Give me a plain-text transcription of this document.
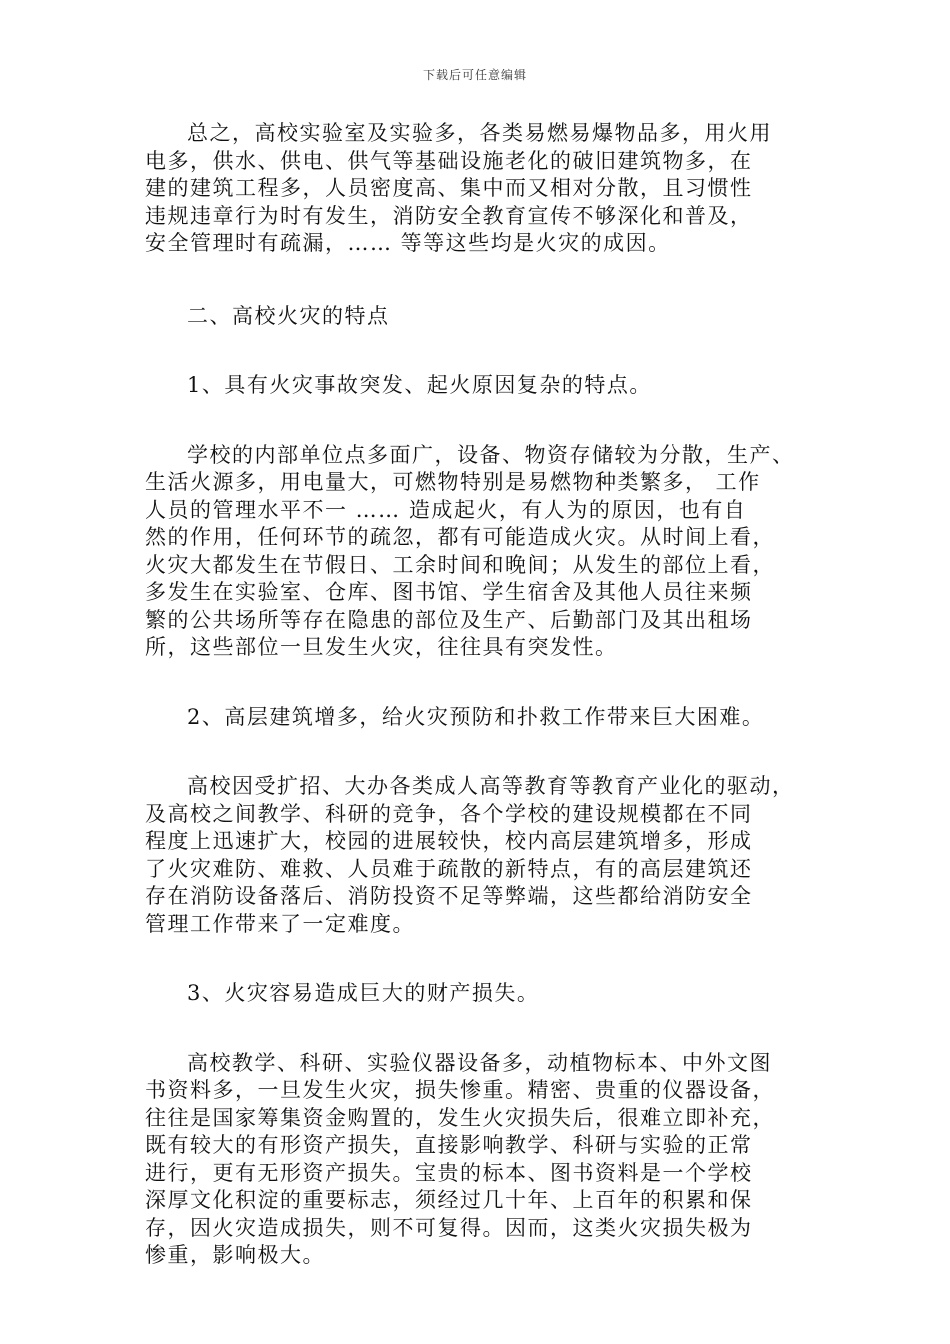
下载后可任意编辑

总之，高校实验室及实验多，各类易燃易爆物品多，用火用
电多，供水、供电、供气等基础设施老化的破旧建筑物多，在
建的建筑工程多，人员密度高、集中而又相对分散，且习惯性
违规违章行为时有发生，消防安全教育宣传不够深化和普及，
安全管理时有疏漏，…… 等等这些均是火灾的成因。

二、高校火灾的特点
1、具有火灾事故突发、起火原因复杂的特点。

学校的内部单位点多面广，设备、物资存储较为分散，生产、
生活火源多，用电量大，可燃物特别是易燃物种类繁多， 工作
人员的管理水平不一 …… 造成起火，有人为的原因，也有自
然的作用，任何环节的疏忽，都有可能造成火灾。从时间上看，
火灾大都发生在节假日、工余时间和晚间；从发生的部位上看，
多发生在实验室、仓库、图书馆、学生宿舍及其他人员往来频
繁的公共场所等存在隐患的部位及生产、后勤部门及其出租场
所，这些部位一旦发生火灾，往往具有突发性。

2、高层建筑增多，给火灾预防和扑救工作带来巨大困难。

高校因受扩招、大办各类成人高等教育等教育产业化的驱动，
及高校之间教学、科研的竞争，各个学校的建设规模都在不同
程度上迅速扩大，校园的进展较快，校内高层建筑增多，形成
了火灾难防、难救、人员难于疏散的新特点，有的高层建筑还
存在消防设备落后、消防投资不足等弊端，这些都给消防安全
管理工作带来了一定难度。

3、火灾容易造成巨大的财产损失。

高校教学、科研、实验仪器设备多，动植物标本、中外文图
书资料多，一旦发生火灾，损失惨重。精密、贵重的仪器设备，
往往是国家筹集资金购置的，发生火灾损失后，很难立即补充，
既有较大的有形资产损失，直接影响教学、科研与实验的正常
进行，更有无形资产损失。宝贵的标本、图书资料是一个学校
深厚文化积淀的重要标志，须经过几十年、上百年的积累和保
存，因火灾造成损失，则不可复得。因而，这类火灾损失极为
惨重，影响极大。
